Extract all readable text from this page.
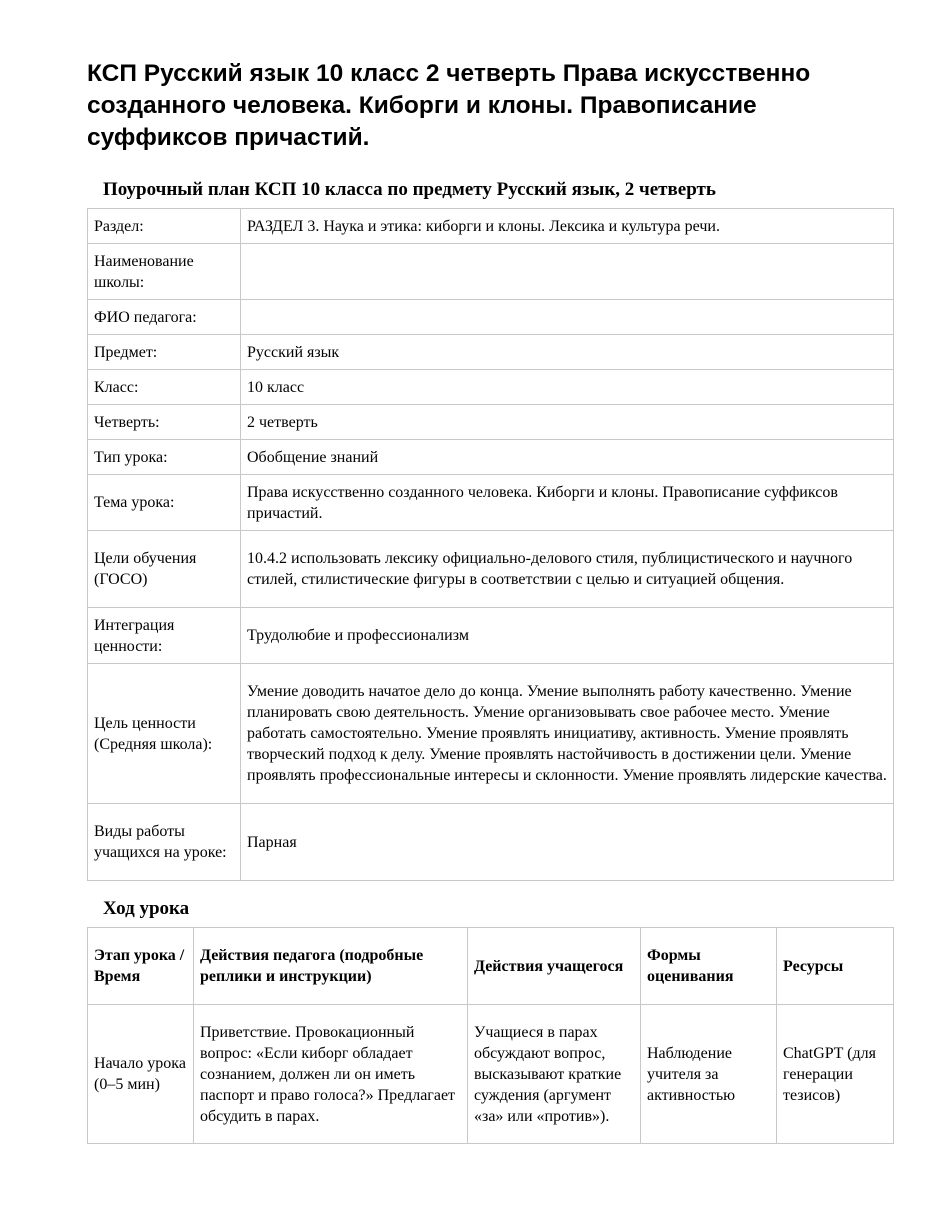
КСП Русский язык 10 класс 2 четверть Права искусственно созданного человека. Киборги и клоны. Правописание суффиксов причастий.
Поурочный план КСП 10 класса по предмету Русский язык, 2 четверть
Раздел:	РАЗДЕЛ 3. Наука и этика: киборги и клоны. Лексика и культура речи.
Наименование школы:	
ФИО педагога:	
Предмет:	Русский язык
Класс:	10 класс
Четверть:	2 четверть
Тип урока:	Обобщение знаний
Тема урока:	Права искусственно созданного человека. Киборги и клоны. Правописание суффиксов причастий.
Цели обучения (ГОСО)	10.4.2 использовать лексику официально-делового стиля, публицистического и научного стилей, стилистические фигуры в соответствии с целью и ситуацией общения.
Интеграция ценности:	Трудолюбие и профессионализм
Цель ценности (Средняя школа):	Умение доводить начатое дело до конца. Умение выполнять работу качественно. Умение планировать свою деятельность. Умение организовывать свое рабочее место. Умение работать самостоятельно. Умение проявлять инициативу, активность. Умение проявлять творческий подход к делу. Умение проявлять настойчивость в достижении цели. Умение проявлять профессиональные интересы и склонности. Умение проявлять лидерские качества.
Виды работы учащихся на уроке:	Парная
Ход урока
Этап урока / Время	Действия педагога (подробные реплики и инструкции)	Действия учащегося	Формы оценивания	Ресурсы
Начало урока (0–5 мин)	Приветствие. Провокационный вопрос: «Если киборг обладает сознанием, должен ли он иметь паспорт и право голоса?» Предлагает обсудить в парах.	Учащиеся в парах обсуждают вопрос, высказывают краткие суждения (аргумент «за» или «против»).	Наблюдение учителя за активностью	ChatGPT (для генерации тезисов)
